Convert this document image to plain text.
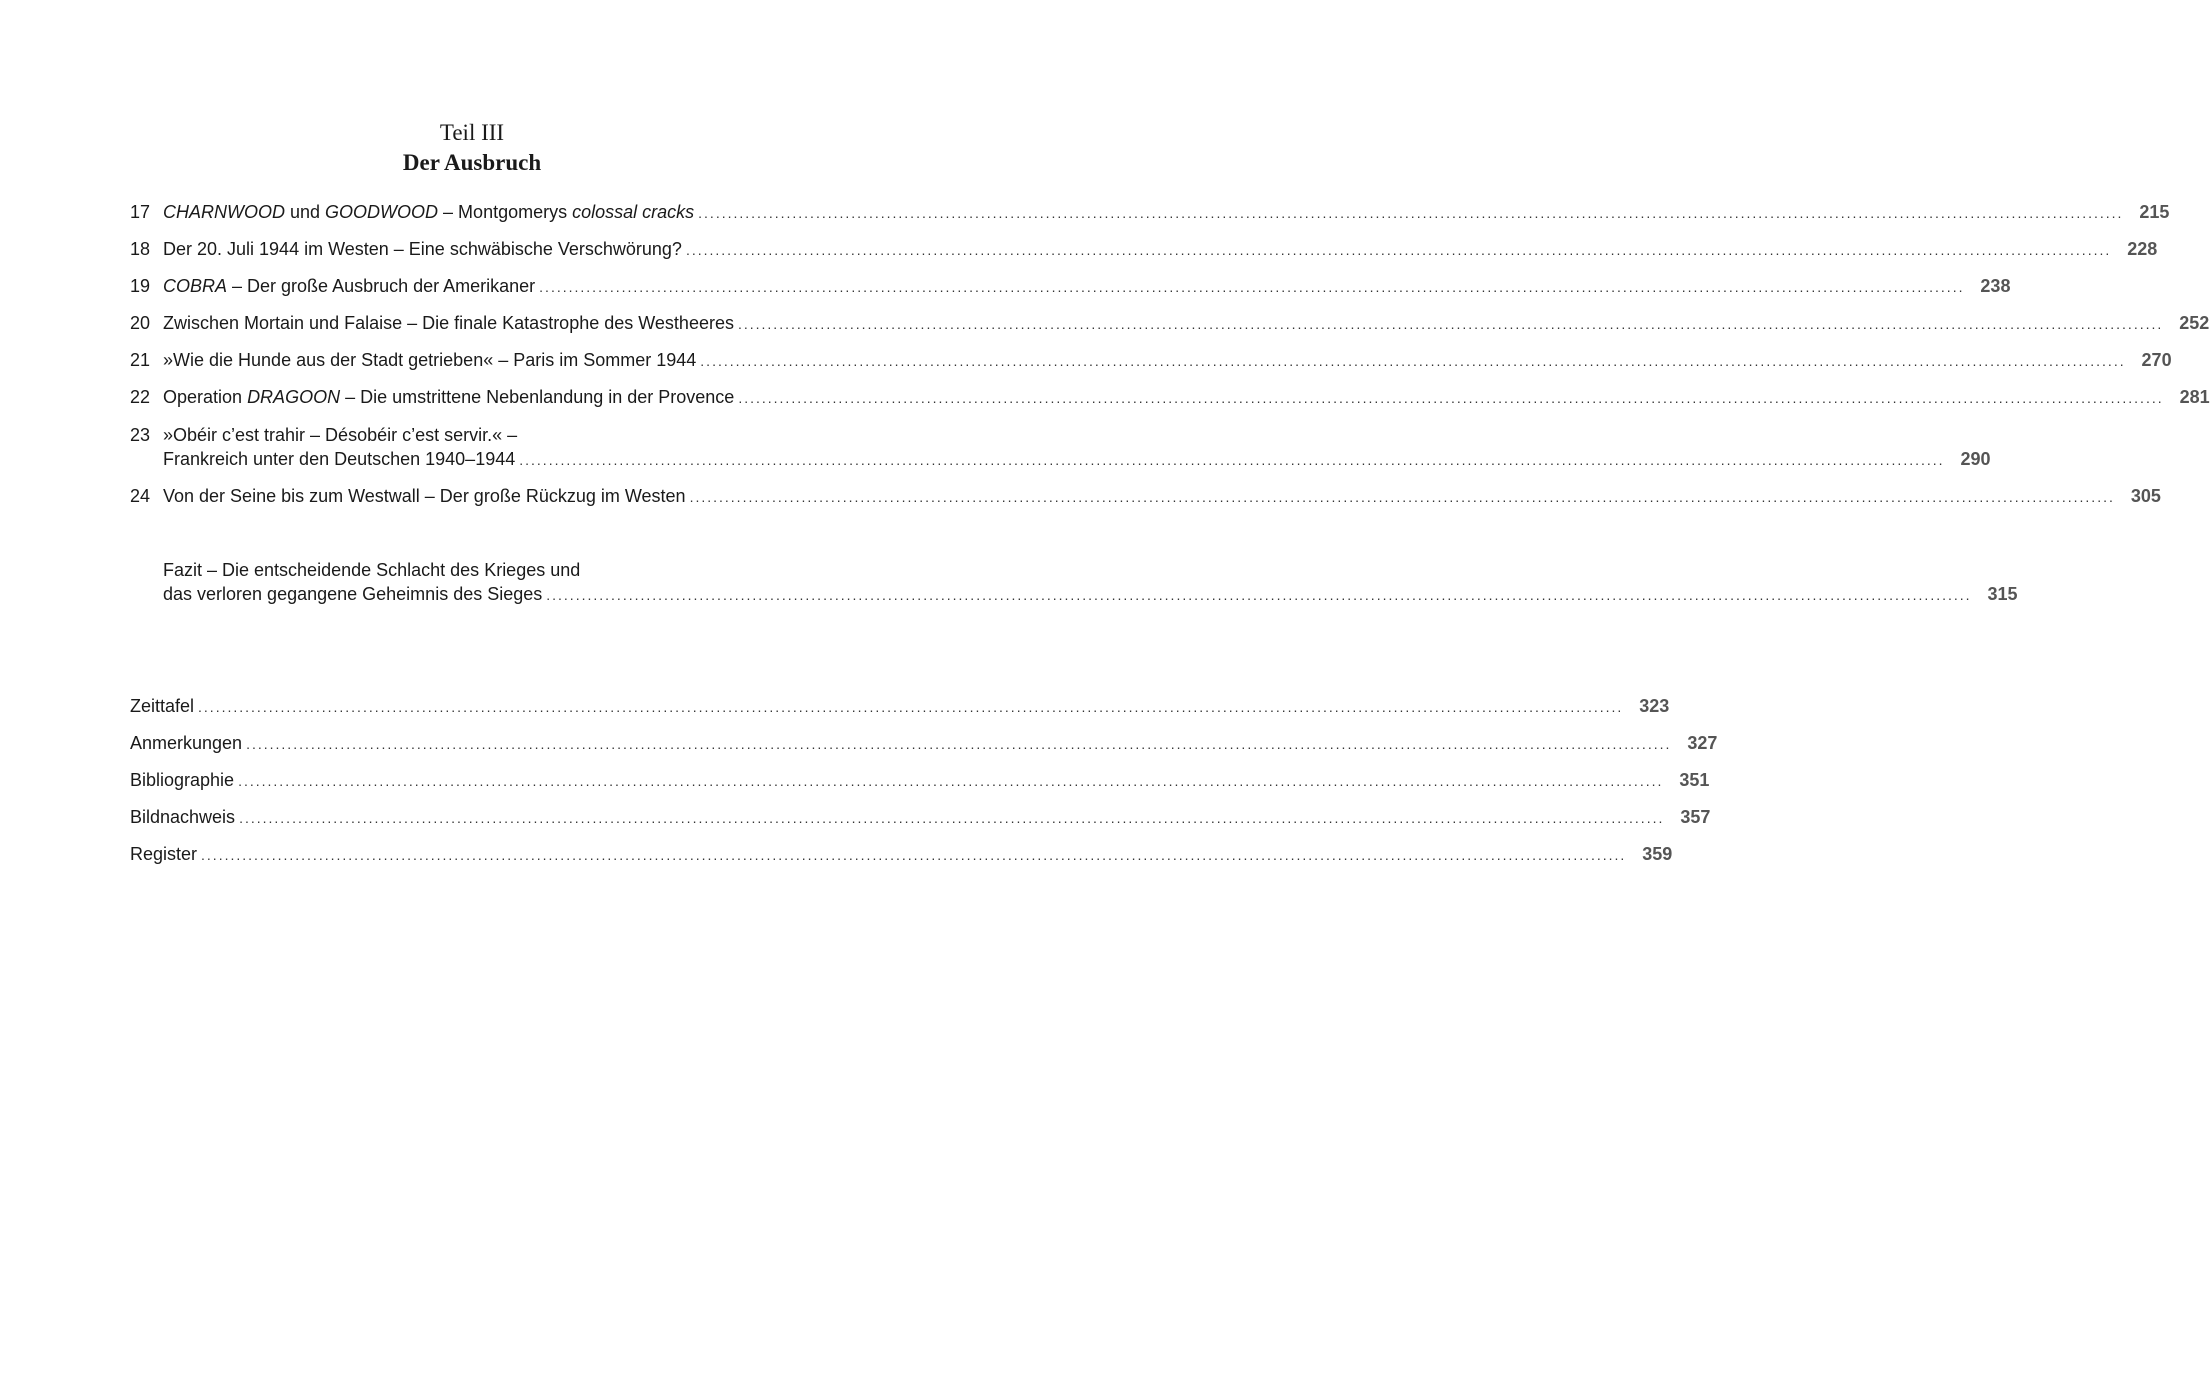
Teil III
Der Ausbruch
17 CHARNWOOD und GOODWOOD – Montgomerys colossal cracks .....	215
18 Der 20. Juli 1944 im Westen – Eine schwäbische Verschwörung? .....	228
19 COBRA – Der große Ausbruch der Amerikaner .....	238
20 Zwischen Mortain und Falaise – Die finale Katastrophe des Westheeres .....	252
21 »Wie die Hunde aus der Stadt getrieben« – Paris im Sommer 1944 .....	270
22 Operation DRAGOON – Die umstrittene Nebenlandung in der Provence .....	281
23 »Obéir c’est trahir – Désobéir c’est servir.« –
Frankreich unter den Deutschen 1940–1944 .....	290
24 Von der Seine bis zum Westwall – Der große Rückzug im Westen .....	305
Fazit – Die entscheidende Schlacht des Krieges und
das verloren gegangene Geheimnis des Sieges .....	315
Zeittafel .....	323
Anmerkungen .....	327
Bibliographie .....	351
Bildnachweis .....	357
Register .....	359
